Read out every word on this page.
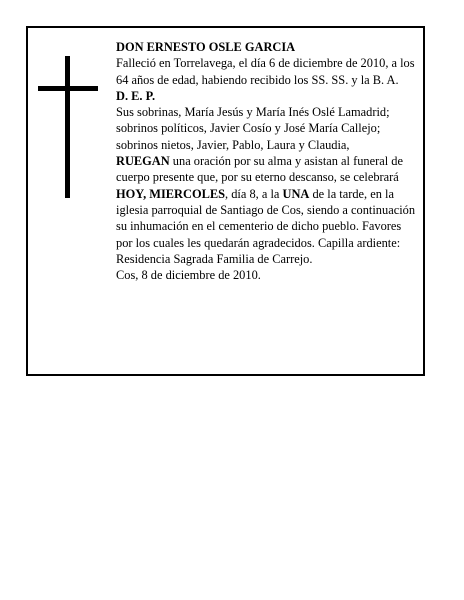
DON ERNESTO OSLE GARCIA

Falleció en Torrelavega, el día 6 de diciembre de 2010, a los 64 años de edad, habiendo recibido los SS. SS. y la B. A.

D. E. P.

Sus sobrinas, María Jesús y María Inés Oslé Lamadrid; sobrinos políticos, Javier Cosío y José María Callejo; sobrinos nietos, Javier, Pablo, Laura y Claudia,

RUEGAN una oración por su alma y asistan al funeral de cuerpo presente que, por su eterno descanso, se celebrará HOY, MIERCOLES, día 8, a la UNA de la tarde, en la iglesia parroquial de Santiago de Cos, siendo a continuación su inhumación en el cementerio de dicho pueblo. Favores por los cuales les quedarán agradecidos. Capilla ardiente: Residencia Sagrada Familia de Carrejo.

Cos, 8 de diciembre de 2010.
